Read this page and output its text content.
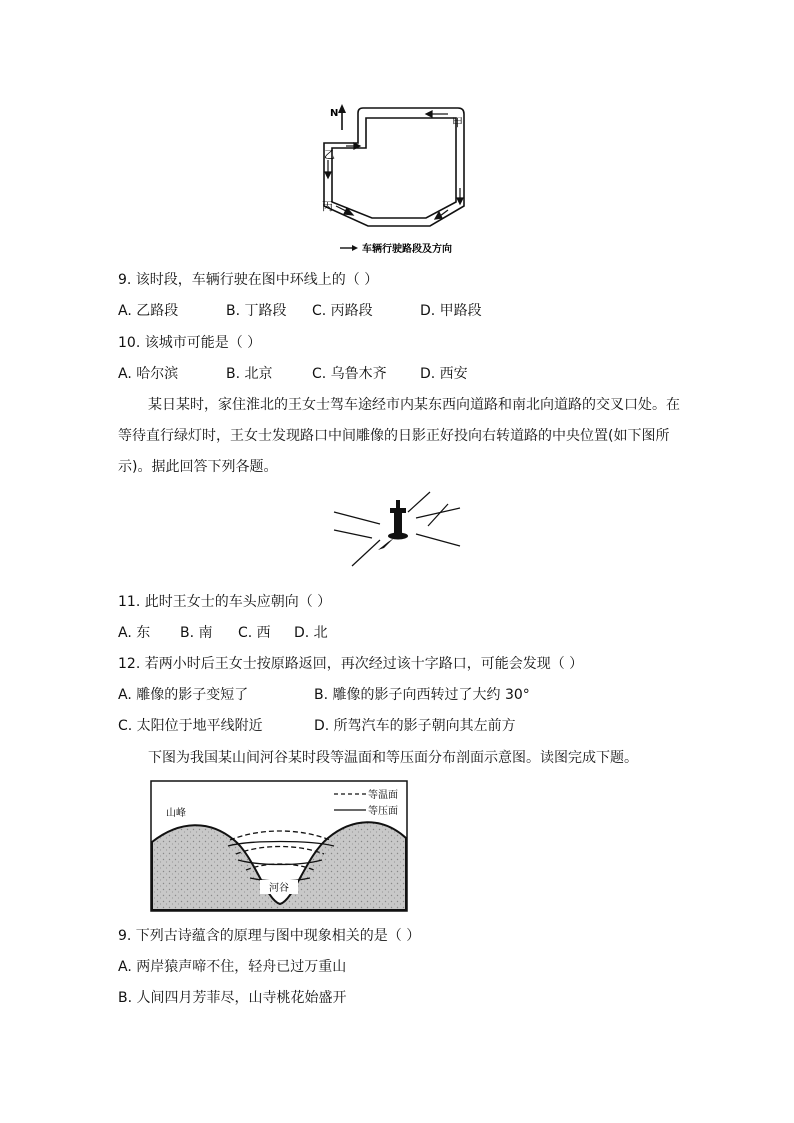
N
甲
乙
丙
车辆行驶路段及方向
9. 该时段，车辆行驶在图中环线上的（ ）
A. 乙路段	B. 丁路段 C. 丙路段	D. 甲路段
10. 该城市可能是（ ）
A. 哈尔滨	B. 北京	C. 乌鲁木齐 D. 西安
某日某时，家住淮北的王女士驾车途经市内某东西向道路和南北向道路的交叉口处。在
等待直行绿灯时，王女士发现路口中间雕像的日影正好投向右转道路的中央位置(如下图所
示)。据此回答下列各题。
11. 此时王女士的车头应朝向（ ）
A. 东 B. 南 C. 西 D. 北
12. 若两小时后王女士按原路返回，再次经过该十字路口，可能会发现（ ）
A. 雕像的影子变短了	B. 雕像的影子向西转过了大约 30°
C. 太阳位于地平线附近	D. 所驾汽车的影子朝向其左前方
下图为我国某山间河谷某时段等温面和等压面分布剖面示意图。读图完成下题。
河谷
山峰
等温面
等压面
9. 下列古诗蕴含的原理与图中现象相关的是（ ）
A. 两岸猿声啼不住，轻舟已过万重山
B. 人间四月芳菲尽，山寺桃花始盛开
